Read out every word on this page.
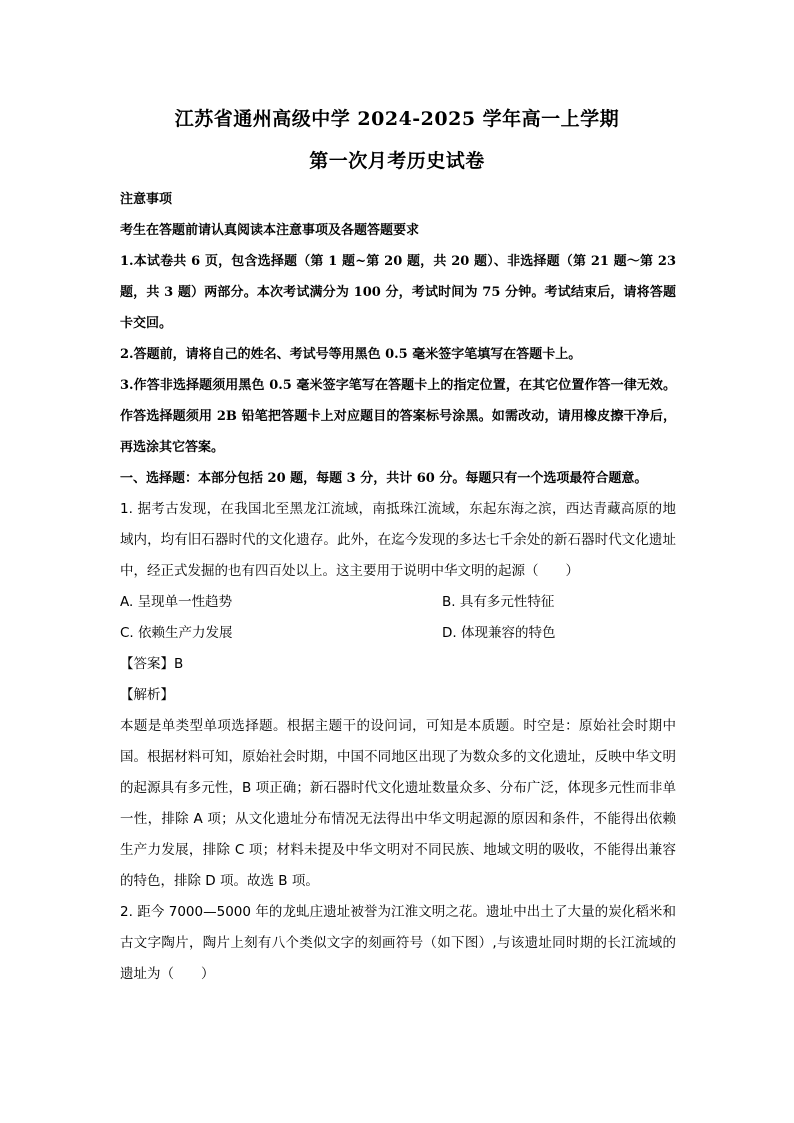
江苏省通州高级中学 2024-2025 学年高一上学期
第一次月考历史试卷

注意事项

考生在答题前请认真阅读本注意事项及各题答题要求

1.本试卷共 6 页，包含选择题（第 1 题~第 20 题，共 20 题）、非选择题（第 21 题～第 23 题，共 3 题）两部分。本次考试满分为 100 分，考试时间为 75 分钟。考试结束后，请将答题卡交回。

2.答题前，请将自己的姓名、考试号等用黑色 0.5 毫米签字笔填写在答题卡上。

3.作答非选择题须用黑色 0.5 毫米签字笔写在答题卡上的指定位置，在其它位置作答一律无效。作答选择题须用 2B 铅笔把答题卡上对应题目的答案标号涂黑。如需改动，请用橡皮擦干净后，再选涂其它答案。

一、选择题：本部分包括 20 题，每题 3 分，共计 60 分。每题只有一个选项最符合题意。

1. 据考古发现，在我国北至黑龙江流域，南抵珠江流域，东起东海之滨，西达青藏高原的地域内，均有旧石器时代的文化遗存。此外，在迄今发现的多达七千余处的新石器时代文化遗址中，经正式发掘的也有四百处以上。这主要用于说明中华文明的起源（　　）

A. 呈现单一性趋势	B. 具有多元性特征

C. 依赖生产力发展	D. 体现兼容的特色

【答案】B

【解析】

本题是单类型单项选择题。根据主题干的设问词，可知是本质题。时空是：原始社会时期中国。根据材料可知，原始社会时期，中国不同地区出现了为数众多的文化遗址，反映中华文明的起源具有多元性，B 项正确；新石器时代文化遗址数量众多、分布广泛，体现多元性而非单一性，排除 A 项；从文化遗址分布情况无法得出中华文明起源的原因和条件，不能得出依赖生产力发展，排除 C 项；材料未提及中华文明对不同民族、地域文明的吸收，不能得出兼容的特色，排除 D 项。故选 B 项。

2. 距今 7000—5000 年的龙虬庄遗址被誉为江淮文明之花。遗址中出土了大量的炭化稻米和古文字陶片，陶片上刻有八个类似文字的刻画符号（如下图）,与该遗址同时期的长江流域的遗址为（　　）
